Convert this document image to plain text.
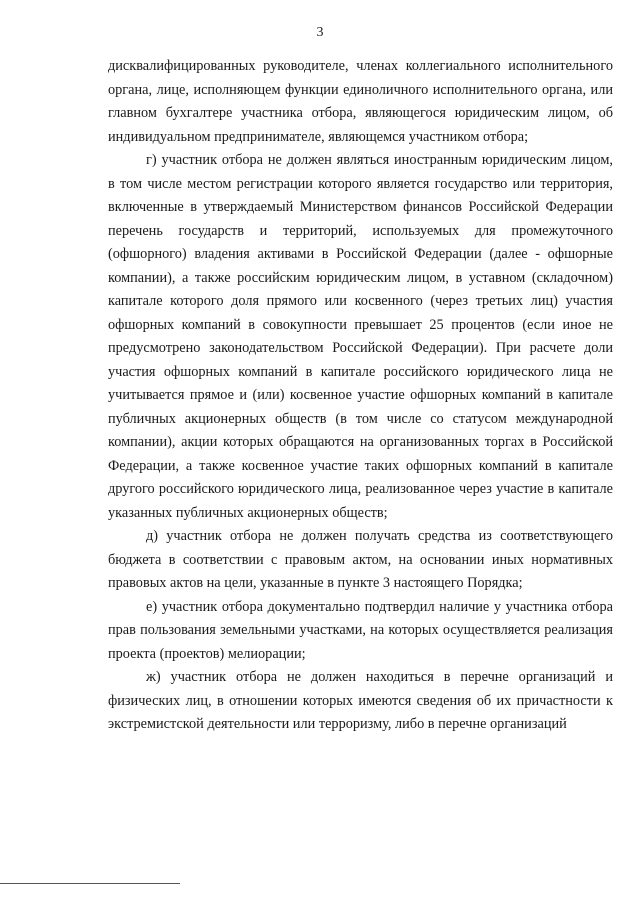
3

дисквалифицированных руководителе, членах коллегиального исполнительного органа, лице, исполняющем функции единоличного исполнительного органа, или главном бухгалтере участника отбора, являющегося юридическим лицом, об индивидуальном предпринимателе, являющемся участником отбора;

г) участник отбора не должен являться иностранным юридическим лицом, в том числе местом регистрации которого является государство или территория, включенные в утверждаемый Министерством финансов Российской Федерации перечень государств и территорий, используемых для промежуточного (офшорного) владения активами в Российской Федерации (далее - офшорные компании), а также российским юридическим лицом, в уставном (складочном) капитале которого доля прямого или косвенного (через третьих лиц) участия офшорных компаний в совокупности превышает 25 процентов (если иное не предусмотрено законодательством Российской Федерации). При расчете доли участия офшорных компаний в капитале российского юридического лица не учитывается прямое и (или) косвенное участие офшорных компаний в капитале публичных акционерных обществ (в том числе со статусом международной компании), акции которых обращаются на организованных торгах в Российской Федерации, а также косвенное участие таких офшорных компаний в капитале другого российского юридического лица, реализованное через участие в капитале указанных публичных акционерных обществ;

д) участник отбора не должен получать средства из соответствующего бюджета в соответствии с правовым актом, на основании иных нормативных правовых актов на цели, указанные в пункте 3 настоящего Порядка;

е) участник отбора документально подтвердил наличие у участника отбора прав пользования земельными участками, на которых осуществляется реализация проекта (проектов) мелиорации;

ж) участник отбора не должен находиться в перечне организаций и физических лиц, в отношении которых имеются сведения об их причастности к экстремистской деятельности или терроризму, либо в перечне организаций
